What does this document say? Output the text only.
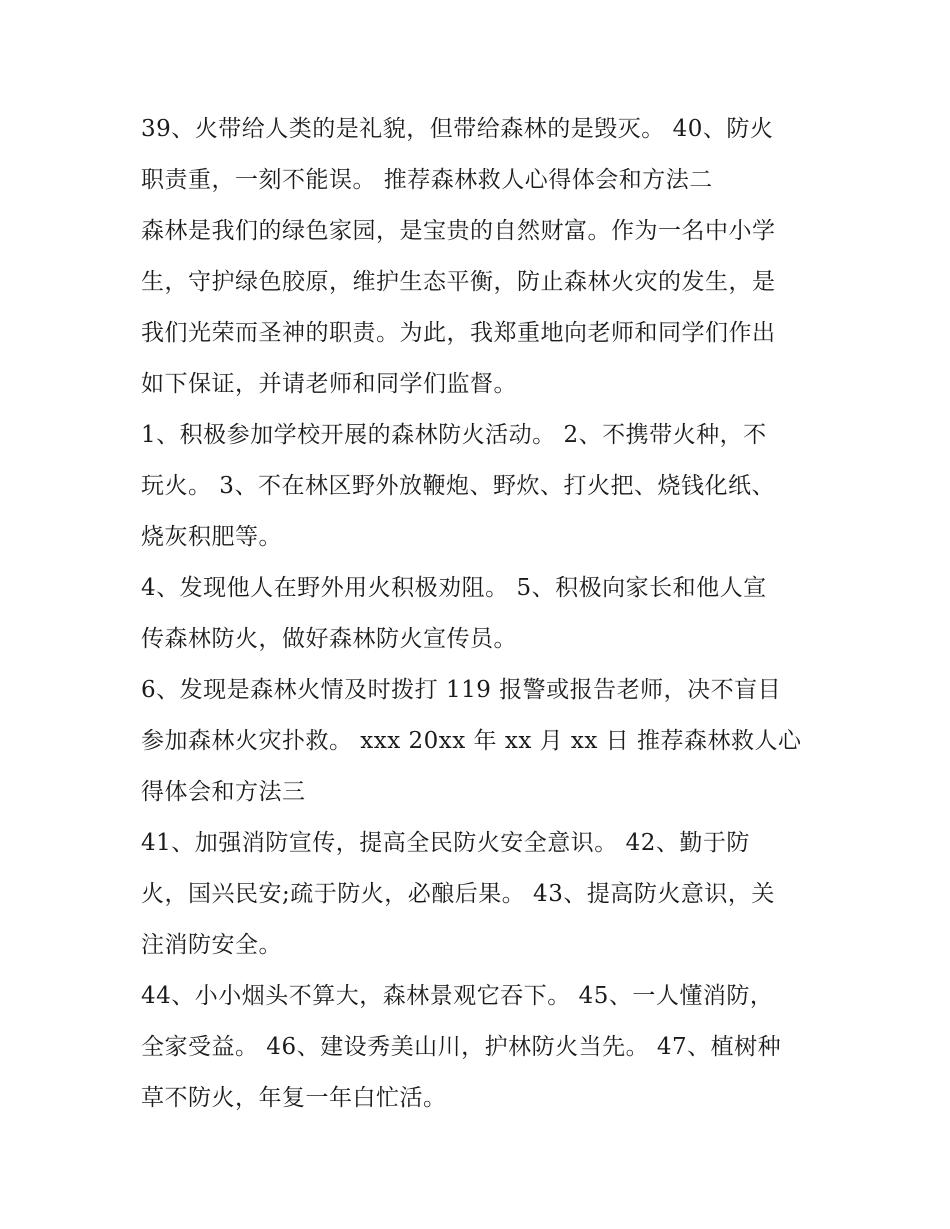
39、火带给人类的是礼貌，但带给森林的是毁灭。 40、防火
职责重，一刻不能误。 推荐森林救人心得体会和方法二
森林是我们的绿色家园，是宝贵的自然财富。作为一名中小学
生，守护绿色胶原，维护生态平衡，防止森林火灾的发生，是
我们光荣而圣神的职责。为此，我郑重地向老师和同学们作出
如下保证，并请老师和同学们监督。
1、积极参加学校开展的森林防火活动。 2、不携带火种，不
玩火。 3、不在林区野外放鞭炮、野炊、打火把、烧钱化纸、
烧灰积肥等。
4、发现他人在野外用火积极劝阻。 5、积极向家长和他人宣
传森林防火，做好森林防火宣传员。
6、发现是森林火情及时拨打 119 报警或报告老师，决不盲目
参加森林火灾扑救。 xxx 20xx 年 xx 月 xx 日 推荐森林救人心
得体会和方法三
41、加强消防宣传，提高全民防火安全意识。 42、勤于防
火，国兴民安;疏于防火，必酿后果。 43、提高防火意识，关
注消防安全。
44、小小烟头不算大，森林景观它吞下。 45、一人懂消防，
全家受益。 46、建设秀美山川，护林防火当先。 47、植树种
草不防火，年复一年白忙活。
